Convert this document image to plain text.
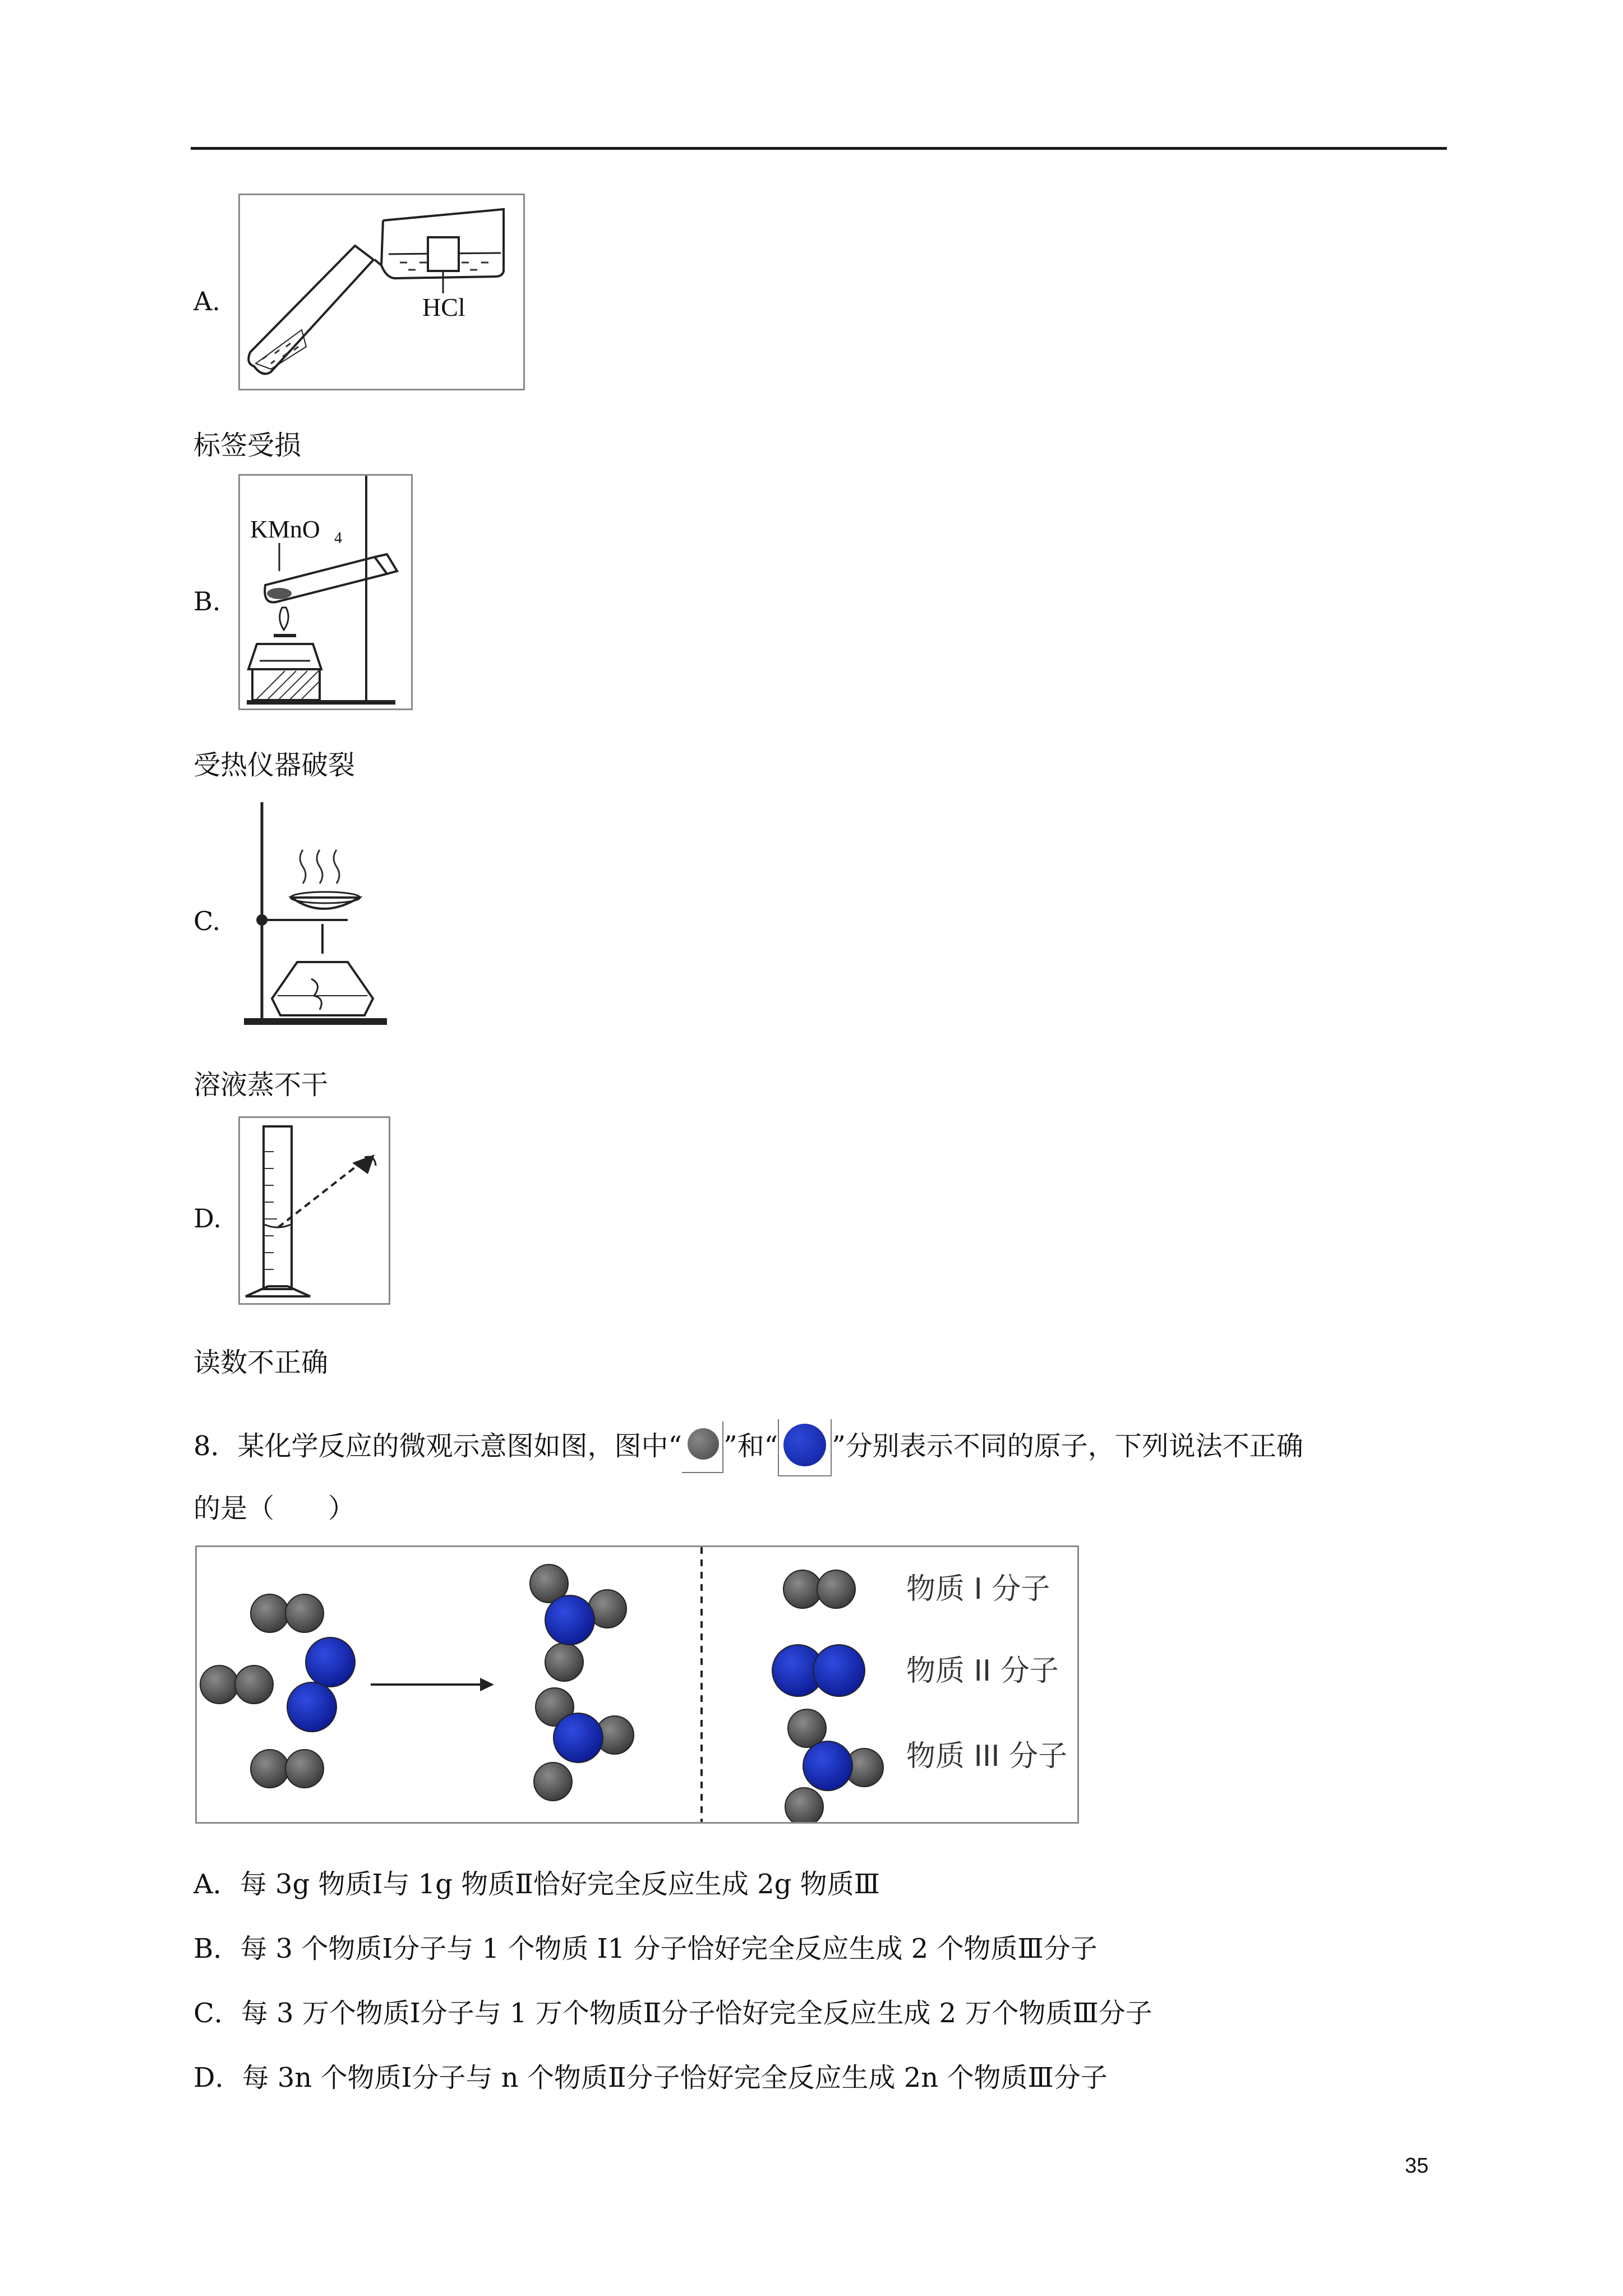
A.	HCl
标签受损
B.
KMnO 4
受热仪器破裂
C.
溶液蒸不干
D.
读数不正确
8．某化学反应的微观示意图如图，图中“ ”和“ ”分别表示不同的原子，下列说法不正确
的是（　　）
物质 I 分子
物质 II 分子
物质 III 分子
A．每 3g 物质Ⅰ与 1g 物质Ⅱ恰好完全反应生成 2g 物质Ⅲ
B．每 3 个物质Ⅰ分子与 1 个物质 I1 分子恰好完全反应生成 2 个物质Ⅲ分子
C．每 3 万个物质Ⅰ分子与 1 万个物质Ⅱ分子恰好完全反应生成 2 万个物质Ⅲ分子
D．每 3n 个物质Ⅰ分子与 n 个物质Ⅱ分子恰好完全反应生成 2n 个物质Ⅲ分子
35
